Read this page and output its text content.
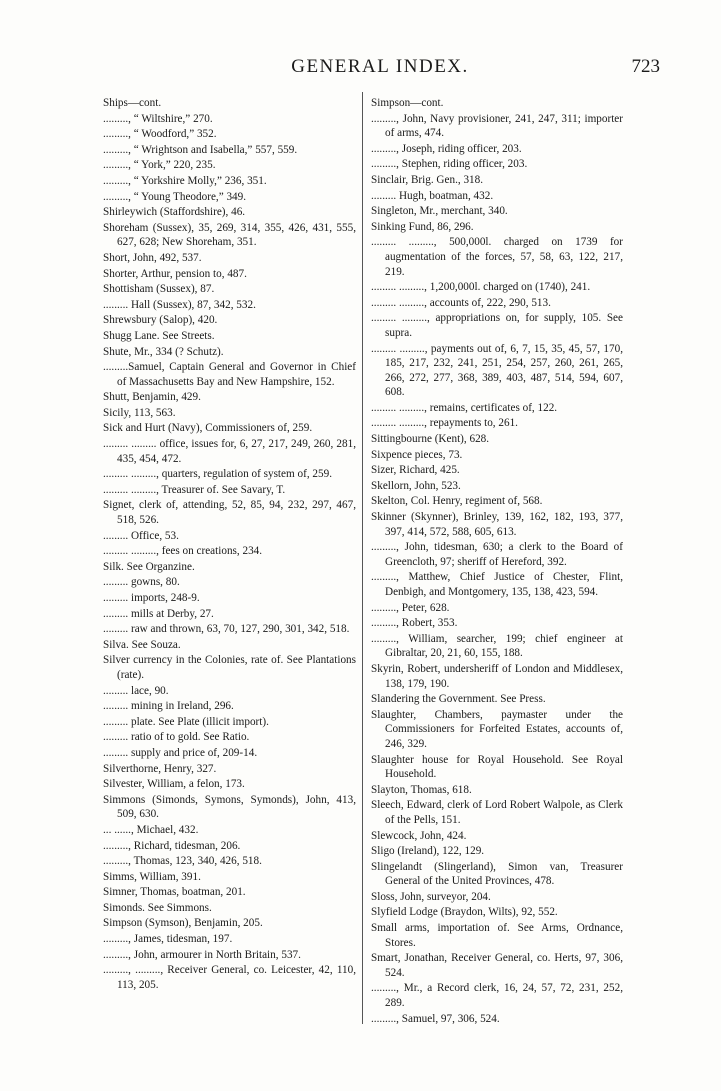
GENERAL INDEX.	723
Ships—cont.
........., “ Wiltshire,” 270.
........., “ Woodford,” 352.
........., “ Wrightson and Isabella,” 557, 559.
........., “ York,” 220, 235.
........., “ Yorkshire Molly,” 236, 351.
........., “ Young Theodore,” 349.
Shirleywich (Staffordshire), 46.
Shoreham (Sussex), 35, 269, 314, 355, 426, 431, 555, 627, 628; New Shoreham, 351.
Short, John, 492, 537.
Shorter, Arthur, pension to, 487.
Shottisham (Sussex), 87.
......... Hall (Sussex), 87, 342, 532.
Shrewsbury (Salop), 420.
Shugg Lane. See Streets.
Shute, Mr., 334 (? Schutz).
.........Samuel, Captain General and Governor in Chief of Massachusetts Bay and New Hampshire, 152.
Shutt, Benjamin, 429.
Sicily, 113, 563.
Sick and Hurt (Navy), Commissioners of, 259.
......... ......... office, issues for, 6, 27, 217, 249, 260, 281, 435, 454, 472.
......... ........., quarters, regulation of system of, 259.
......... ........., Treasurer of. See Savary, T.
Signet, clerk of, attending, 52, 85, 94, 232, 297, 467, 518, 526.
......... Office, 53.
......... ........., fees on creations, 234.
Silk. See Organzine.
......... gowns, 80.
......... imports, 248-9.
......... mills at Derby, 27.
......... raw and thrown, 63, 70, 127, 290, 301, 342, 518.
Silva. See Souza.
Silver currency in the Colonies, rate of. See Plantations (rate).
......... lace, 90.
......... mining in Ireland, 296.
......... plate. See Plate (illicit import).
......... ratio of to gold. See Ratio.
......... supply and price of, 209-14.
Silverthorne, Henry, 327.
Silvester, William, a felon, 173.
Simmons (Simonds, Symons, Symonds), John, 413, 509, 630.
... ......, Michael, 432.
........., Richard, tidesman, 206.
........., Thomas, 123, 340, 426, 518.
Simms, William, 391.
Simner, Thomas, boatman, 201.
Simonds. See Simmons.
Simpson (Symson), Benjamin, 205.
........., James, tidesman, 197.
........., John, armourer in North Britain, 537.
........., ........., Receiver General, co. Leicester, 42, 110, 113, 205.
Simpson—cont.
........., John, Navy provisioner, 241, 247, 311; importer of arms, 474.
........., Joseph, riding officer, 203.
........., Stephen, riding officer, 203.
Sinclair, Brig. Gen., 318.
......... Hugh, boatman, 432.
Singleton, Mr., merchant, 340.
Sinking Fund, 86, 296.
......... ........., 500,000l. charged on 1739 for augmentation of the forces, 57, 58, 63, 122, 217, 219.
......... ........., 1,200,000l. charged on (1740), 241.
......... ........., accounts of, 222, 290, 513.
......... ........., appropriations on, for supply, 105. See supra.
......... ........., payments out of, 6, 7, 15, 35, 45, 57, 170, 185, 217, 232, 241, 251, 254, 257, 260, 261, 265, 266, 272, 277, 368, 389, 403, 487, 514, 594, 607, 608.
......... ........., remains, certificates of, 122.
......... ........., repayments to, 261.
Sittingbourne (Kent), 628.
Sixpence pieces, 73.
Sizer, Richard, 425.
Skellorn, John, 523.
Skelton, Col. Henry, regiment of, 568.
Skinner (Skynner), Brinley, 139, 162, 182, 193, 377, 397, 414, 572, 588, 605, 613.
........., John, tidesman, 630; a clerk to the Board of Greencloth, 97; sheriff of Hereford, 392.
........., Matthew, Chief Justice of Chester, Flint, Denbigh, and Montgomery, 135, 138, 423, 594.
........., Peter, 628.
........., Robert, 353.
........., William, searcher, 199; chief engineer at Gibraltar, 20, 21, 60, 155, 188.
Skyrin, Robert, undersheriff of London and Middlesex, 138, 179, 190.
Slandering the Government. See Press.
Slaughter, Chambers, paymaster under the Commissioners for Forfeited Estates, accounts of, 246, 329.
Slaughter house for Royal Household. See Royal Household.
Slayton, Thomas, 618.
Sleech, Edward, clerk of Lord Robert Walpole, as Clerk of the Pells, 151.
Slewcock, John, 424.
Sligo (Ireland), 122, 129.
Slingelandt (Slingerland), Simon van, Treasurer General of the United Provinces, 478.
Sloss, John, surveyor, 204.
Slyfield Lodge (Braydon, Wilts), 92, 552.
Small arms, importation of. See Arms, Ordnance, Stores.
Smart, Jonathan, Receiver General, co. Herts, 97, 306, 524.
........., Mr., a Record clerk, 16, 24, 57, 72, 231, 252, 289.
........., Samuel, 97, 306, 524.
